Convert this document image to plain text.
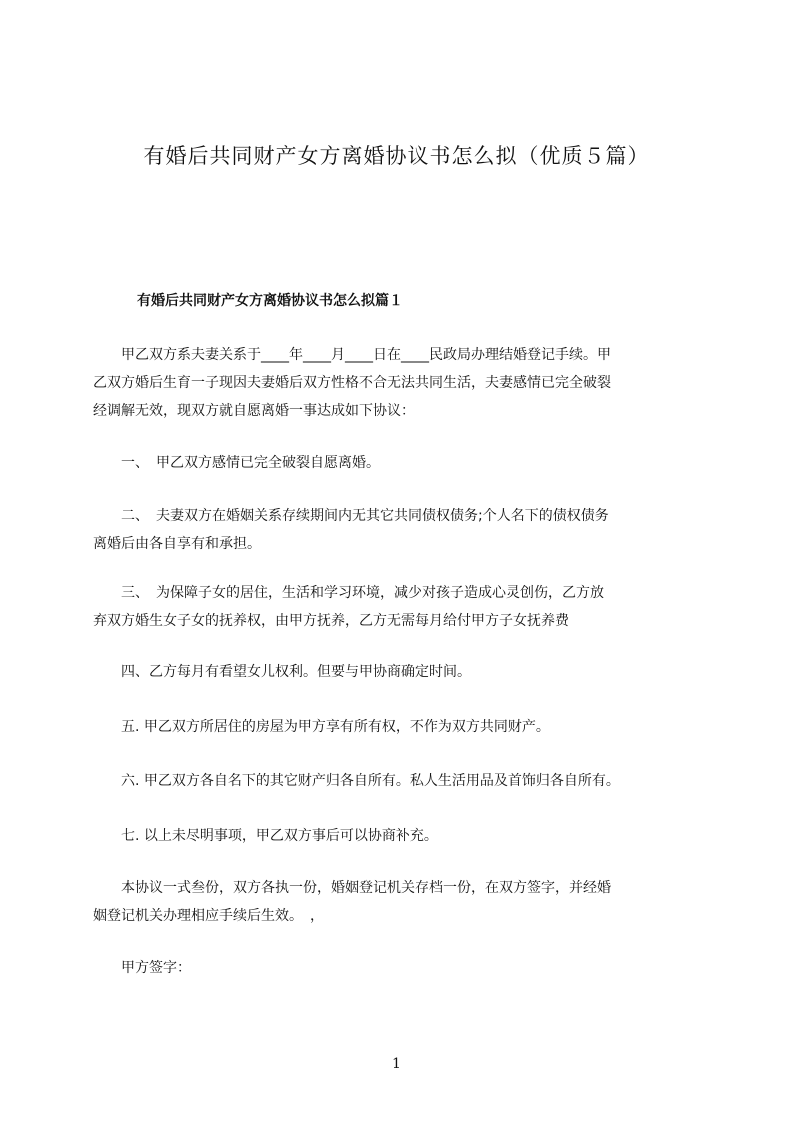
有婚后共同财产女方离婚协议书怎么拟（优质５篇）
有婚后共同财产女方离婚协议书怎么拟篇１
　　甲乙双方系夫妻关系于____年____月____日在____民政局办理结婚登记手续。甲
乙双方婚后生育一子现因夫妻婚后双方性格不合无法共同生活，夫妻感情已完全破裂
经调解无效，现双方就自愿离婚一事达成如下协议：
　　一、　甲乙双方感情已完全破裂自愿离婚。
　　二、　夫妻双方在婚姻关系存续期间内无其它共同债权债务;个人名下的债权债务
离婚后由各自享有和承担。
　　三、　为保障子女的居住，生活和学习环境，减少对孩子造成心灵创伤，乙方放
弃双方婚生女子女的抚养权，由甲方抚养，乙方无需每月给付甲方子女抚养费
　　四、乙方每月有看望女儿权利。但要与甲协商确定时间。
　　五. 甲乙双方所居住的房屋为甲方享有所有权，不作为双方共同财产。
　　六. 甲乙双方各自名下的其它财产归各自所有。私人生活用品及首饰归各自所有。
　　七. 以上未尽明事项，甲乙双方事后可以协商补充。
　　本协议一式叁份，双方各执一份，婚姻登记机关存档一份，在双方签字，并经婚
姻登记机关办理相应手续后生效。　，
　　甲方签字：
1
